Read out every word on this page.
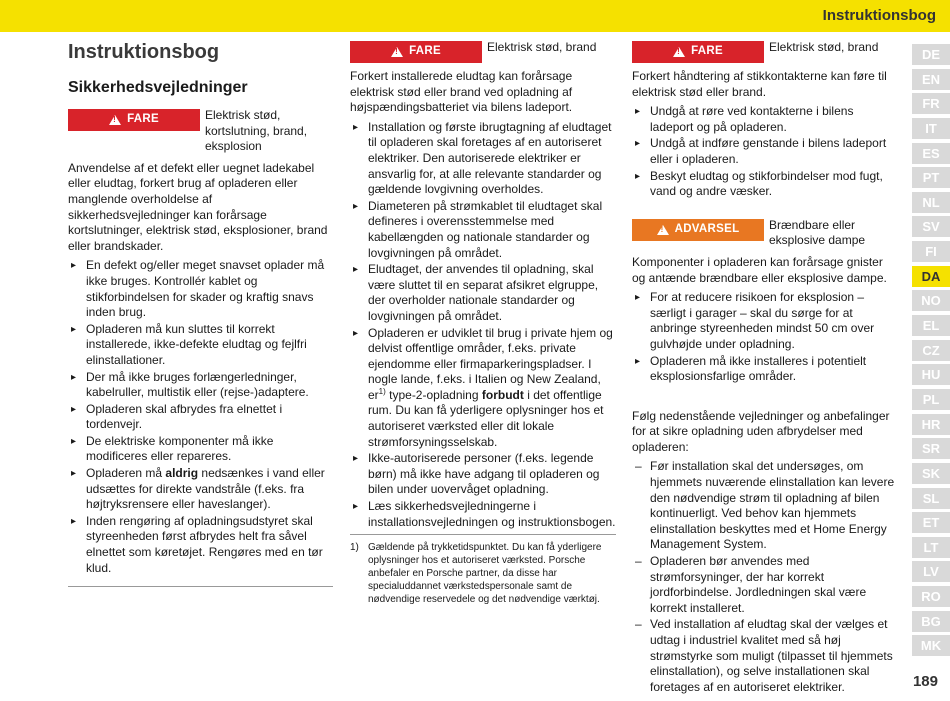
Instruktionsbog
Instruktionsbog
Sikkerhedsvejledninger
!
FARE	Elektrisk stød, kortslutning, brand, eksplosion

Anvendelse af et defekt eller uegnet ladekabel eller eludtag, forkert brug af opladeren eller manglende overholdelse af sikkerhedsvejledninger kan forårsage kortslutninger, elektrisk stød, eksplosioner, brand eller brandskader.

▸ En defekt og/eller meget snavset oplader må ikke bruges. Kontrollér kablet og stikforbindelsen for skader og kraftig snavs inden brug.
▸ Opladeren må kun sluttes til korrekt installerede, ikke-defekte eludtag og fejlfri elinstallationer.
▸ Der må ikke bruges forlængerledninger, kabelruller, multistik eller (rejse-)adaptere.
▸ Opladeren skal afbrydes fra elnettet i tordenvejr.
▸ De elektriske komponenter må ikke modificeres eller repareres.
▸ Opladeren må aldrig nedsænkes i vand eller udsættes for direkte vandstråle (f.eks. fra højtryksrensere eller haveslanger).
▸ Inden rengøring af opladningsudstyret skal styreenheden først afbrydes helt fra såvel elnettet som køretøjet. Rengøres med en tør klud.
!
FARE	Elektrisk stød, brand

Forkert installerede eludtag kan forårsage elektrisk stød eller brand ved opladning af højspændingsbatteriet via bilens ladeport.

▸ Installation og første ibrugtagning af eludtaget til opladeren skal foretages af en autoriseret elektriker. Den autoriserede elektriker er ansvarlig for, at alle relevante standarder og gældende lovgivning overholdes.
▸ Diameteren på strømkablet til eludtaget skal defineres i overensstemmelse med kabellængden og nationale standarder og lovgivningen på området.
▸ Eludtaget, der anvendes til opladning, skal være sluttet til en separat afsikret elgruppe, der overholder nationale standarder og lovgivningen på området.
▸ Opladeren er udviklet til brug i private hjem og delvist offentlige områder, f.eks. private ejendomme eller firmaparkeringspladser. I nogle lande, f.eks. i Italien og New Zealand, $er^{1)}$ type-2-opladning forbudt i det offentlige rum. Du kan få yderligere oplysninger hos et autoriseret værksted eller dit lokale strømforsyningsselskab.
▸ Ikke-autoriserede personer (f.eks. legende børn) må ikke have adgang til opladeren og bilen under uovervåget opladning.
▸ Læs sikkerhedsvejledningerne i installationsvejledningen og instruktionsbogen.
1) Gældende på trykketidspunktet. Du kan få yderligere oplysninger hos et autoriseret værksted. Porsche anbefaler en Porsche partner, da disse har specialuddannet værkstedspersonale samt de nødvendige reservedele og det nødvendige værktøj.
!
FARE	Elektrisk stød, brand

Forkert håndtering af stikkontakterne kan føre til elektrisk stød eller brand.

▸ Undgå at røre ved kontakterne i bilens ladeport og på opladeren.
▸ Undgå at indføre genstande i bilens ladeport eller i opladeren.
▸ Beskyt eludtag og stikforbindelser mod fugt, vand og andre væsker.
!
ADVARSEL Brændbare eller eksplosive dampe

Komponenter i opladeren kan forårsage gnister og antænde brændbare eller eksplosive dampe.

▸ For at reducere risikoen for eksplosion – særligt i garager – skal du sørge for at anbringe styreenheden mindst 50 cm over gulvhøjde under opladning.
▸ Opladeren må ikke installeres i potentielt eksplosionsfarlige områder.

Følg nedenstående vejledninger og anbefalinger for at sikre opladning uden afbrydelser med opladeren:

– Før installation skal det undersøges, om hjemmets nuværende elinstallation kan levere den nødvendige strøm til opladning af bilen kontinuerligt. Ved behov kan hjemmets elinstallation beskyttes med et Home Energy Management System.
– Opladeren bør anvendes med strømforsyninger, der har korrekt jordforbindelse. Jordledningen skal være korrekt installeret.
– Ved installation af eludtag skal der vælges et udtag i industriel kvalitet med så høj strømstyrke som muligt (tilpasset til hjemmets elinstallation), og selve installationen skal foretages af en autoriseret elektriker.
DE
EN
FR
IT
ES
PT
NL
SV
FI
DA
NO
EL
CZ
HU
PL
HR
SR
SK
SL
ET
LT
LV
RO
BG
MK
189
